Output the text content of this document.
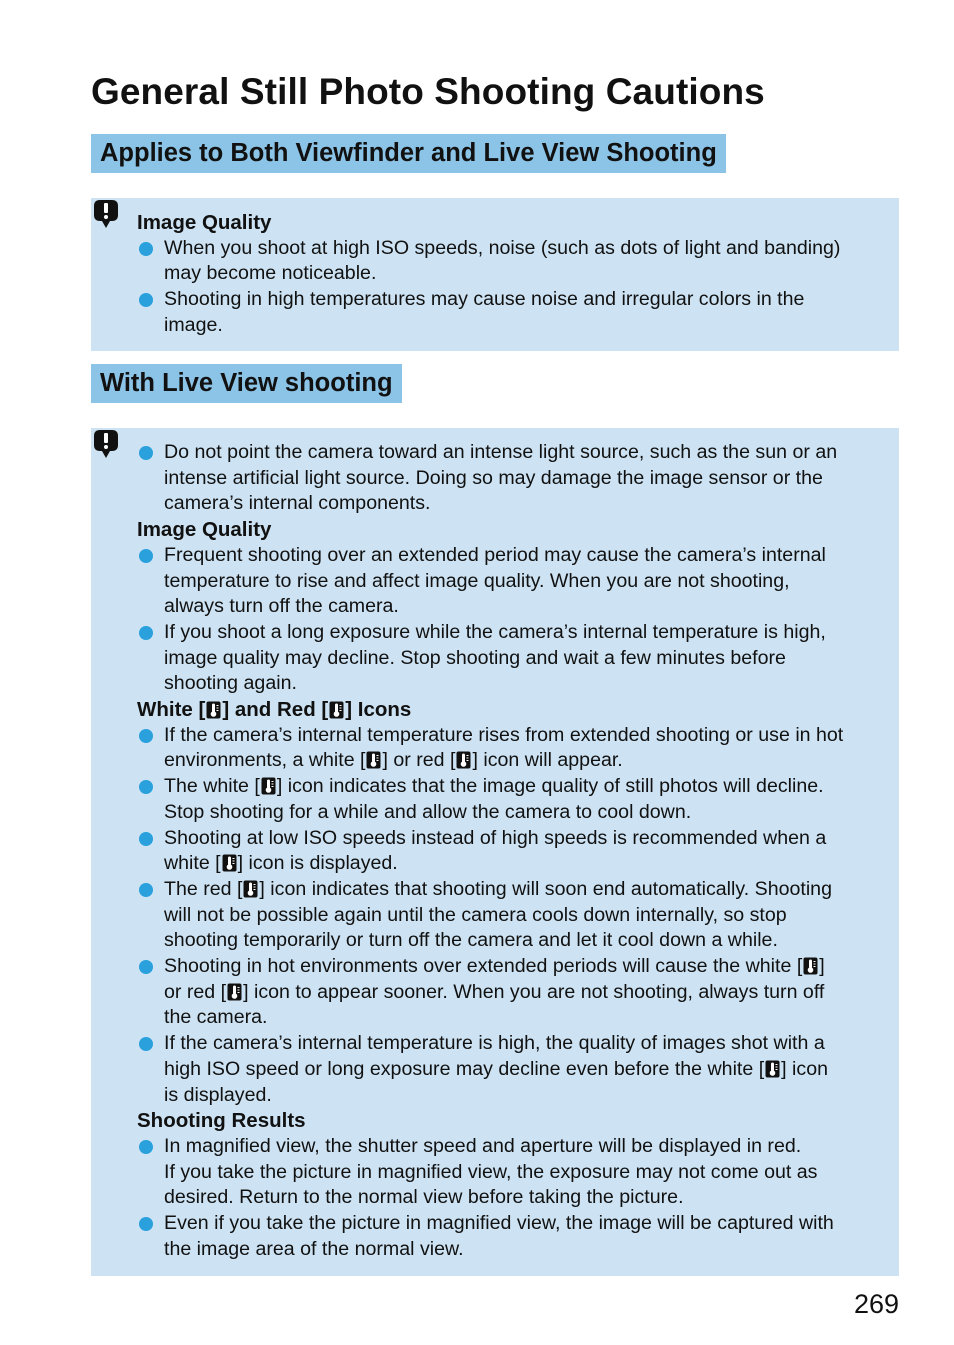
General Still Photo Shooting Cautions
Applies to Both Viewfinder and Live View Shooting
Image Quality
When you shoot at high ISO speeds, noise (such as dots of light and banding)
may become noticeable.
Shooting in high temperatures may cause noise and irregular colors in the
image.
With Live View shooting
Do not point the camera toward an intense light source, such as the sun or an
intense artificial light source. Doing so may damage the image sensor or the
camera’s internal components.
Image Quality
Frequent shooting over an extended period may cause the camera’s internal
temperature to rise and affect image quality. When you are not shooting,
always turn off the camera.
If you shoot a long exposure while the camera’s internal temperature is high,
image quality may decline. Stop shooting and wait a few minutes before
shooting again.
White [ ] and Red [ ] Icons
If the camera’s internal temperature rises from extended shooting or use in hot
environments, a white [ ] or red [ ] icon will appear.
The white [ ] icon indicates that the image quality of still photos will decline.
Stop shooting for a while and allow the camera to cool down.
Shooting at low ISO speeds instead of high speeds is recommended when a
white [ ] icon is displayed.
The red [ ] icon indicates that shooting will soon end automatically. Shooting
will not be possible again until the camera cools down internally, so stop
shooting temporarily or turn off the camera and let it cool down a while.
Shooting in hot environments over extended periods will cause the white [ ]
or red [ ] icon to appear sooner. When you are not shooting, always turn off
the camera.
If the camera’s internal temperature is high, the quality of images shot with a
high ISO speed or long exposure may decline even before the white [ ] icon
is displayed.
Shooting Results
In magnified view, the shutter speed and aperture will be displayed in red.
If you take the picture in magnified view, the exposure may not come out as
desired. Return to the normal view before taking the picture.
Even if you take the picture in magnified view, the image will be captured with
the image area of the normal view.
269
